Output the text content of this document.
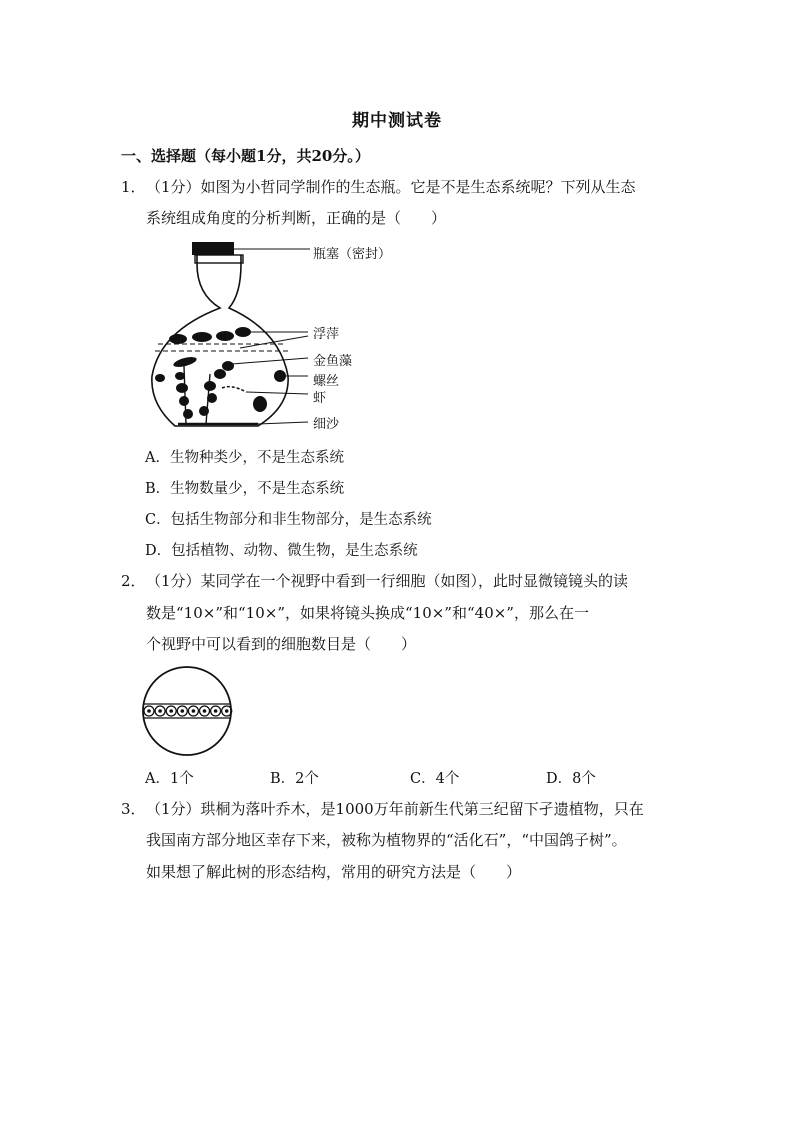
期中测试卷
一、选择题（每小题1分，共20分。）
1． （1分）如图为小哲同学制作的生态瓶。它是不是生态系统呢？下列从生态
系统组成角度的分析判断，正确的是（　　）
瓶塞（密封）
浮萍
金鱼藻
螺丝
虾
细沙
A．生物种类少，不是生态系统
B．生物数量少，不是生态系统
C．包括生物部分和非生物部分，是生态系统
D．包括植物、动物、微生物，是生态系统
2． （1分）某同学在一个视野中看到一行细胞（如图），此时显微镜镜头的读
数是“10×”和“10×”，如果将镜头换成“10×”和“40×”，那么在一
个视野中可以看到的细胞数目是（　　）
A．1个	B．2个	C．4个	D．8个
3． （1分）珙桐为落叶乔木，是1000万年前新生代第三纪留下孑遗植物，只在
我国南方部分地区幸存下来，被称为植物界的“活化石”，“中国鸽子树”。
如果想了解此树的形态结构，常用的研究方法是（　　）
